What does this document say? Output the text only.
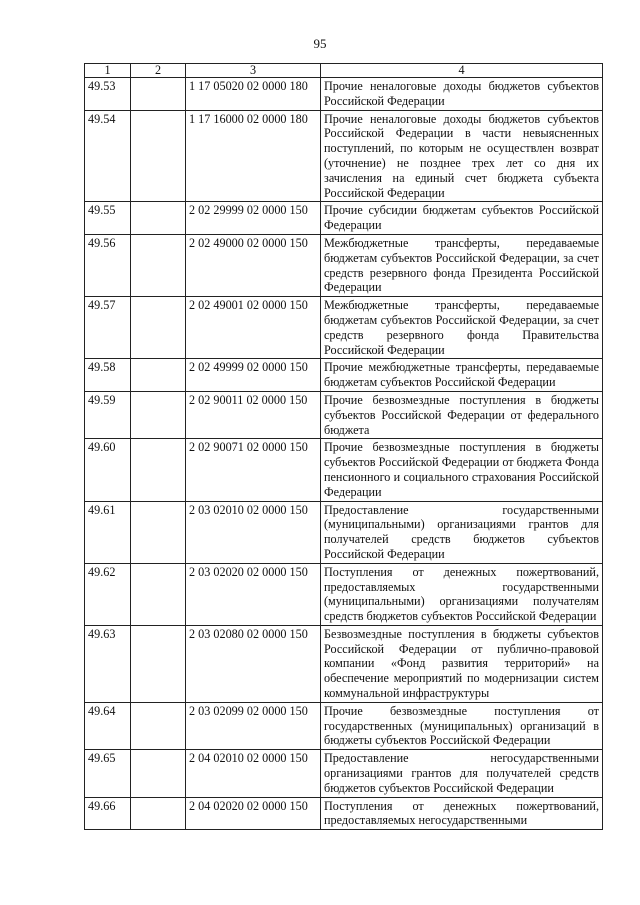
95
1	2	3	4
49.53		1 17 05020 02 0000 180	Прочие неналоговые доходы бюджетов субъектов Российской Федерации
49.54		1 17 16000 02 0000 180	Прочие неналоговые доходы бюджетов субъектов Российской Федерации в части невыясненных поступлений, по которым не осуществлен возврат (уточнение) не позднее трех лет со дня их зачисления на единый счет бюджета субъекта Российской Федерации
49.55		2 02 29999 02 0000 150	Прочие субсидии бюджетам субъектов Российской Федерации
49.56		2 02 49000 02 0000 150	Межбюджетные трансферты, передаваемые бюджетам субъектов Российской Федерации, за счет средств резервного фонда Президента Российской Федерации
49.57		2 02 49001 02 0000 150	Межбюджетные трансферты, передаваемые бюджетам субъектов Российской Федерации, за счет средств резервного фонда Правительства Российской Федерации
49.58		2 02 49999 02 0000 150	Прочие межбюджетные трансферты, передаваемые бюджетам субъектов Российской Федерации
49.59		2 02 90011 02 0000 150	Прочие безвозмездные поступления в бюджеты субъектов Российской Федерации от федерального бюджета
49.60		2 02 90071 02 0000 150	Прочие безвозмездные поступления в бюджеты субъектов Российской Федерации от бюджета Фонда пенсионного и социального страхования Российской Федерации
49.61		2 03 02010 02 0000 150	Предоставление государственными (муниципальными) организациями грантов для получателей средств бюджетов субъектов Российской Федерации
49.62		2 03 02020 02 0000 150	Поступления от денежных пожертвований, предоставляемых государственными (муниципальными) организациями получателям средств бюджетов субъектов Российской Федерации
49.63		2 03 02080 02 0000 150	Безвозмездные поступления в бюджеты субъектов Российской Федерации от публично-правовой компании «Фонд развития территорий» на обеспечение мероприятий по модернизации систем коммунальной инфраструктуры
49.64		2 03 02099 02 0000 150	Прочие безвозмездные поступления от государственных (муниципальных) организаций в бюджеты субъектов Российской Федерации
49.65		2 04 02010 02 0000 150	Предоставление негосударственными организациями грантов для получателей средств бюджетов субъектов Российской Федерации
49.66		2 04 02020 02 0000 150	Поступления от денежных пожертвований, предоставляемых негосударственными
